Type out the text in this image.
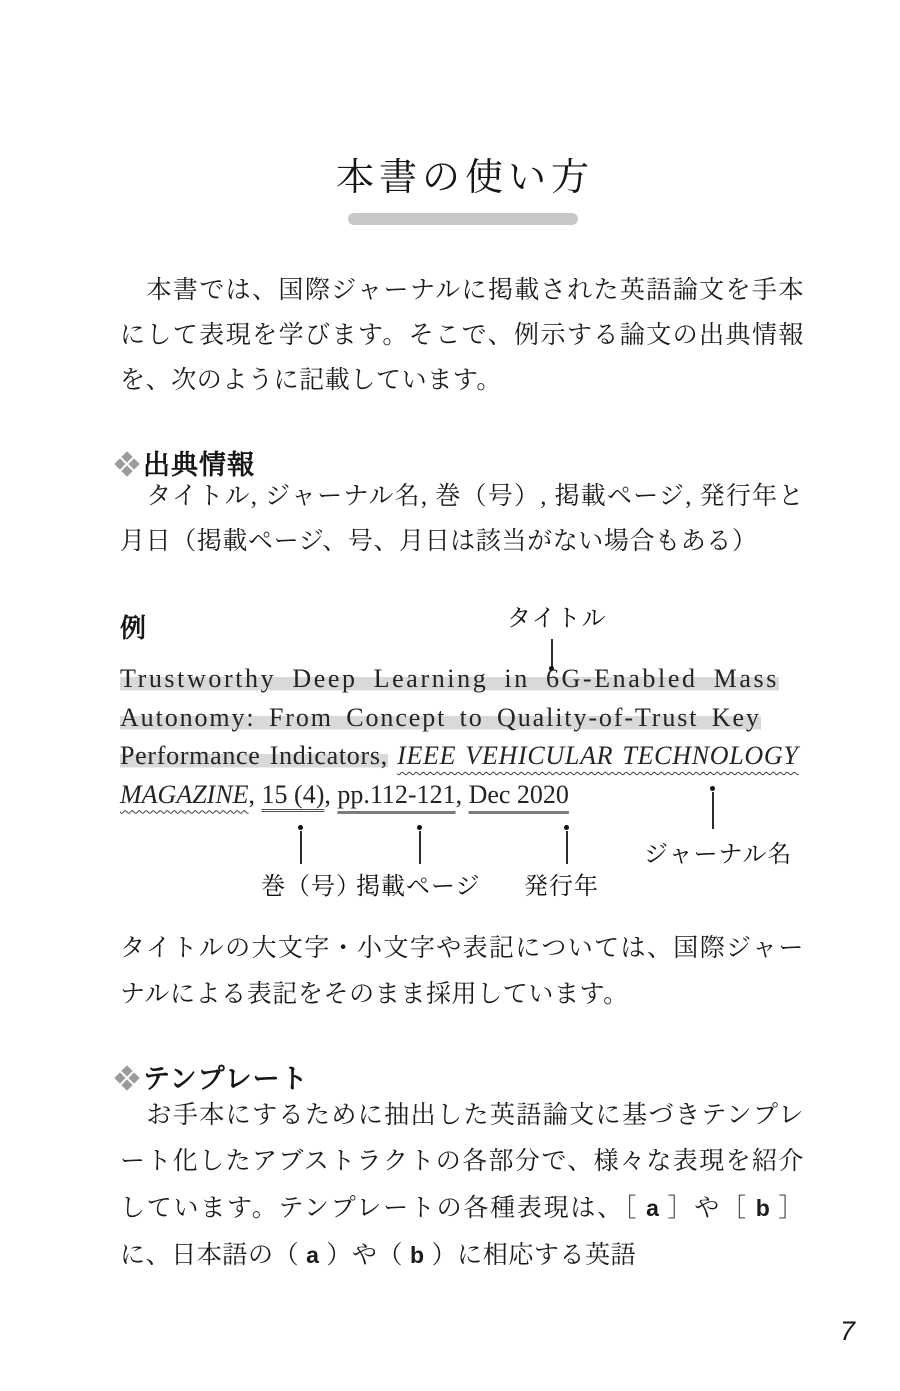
本書の使い方

　本書では、国際ジャーナルに掲載された英語論文を手本にして表現を学びます。そこで、例示する論文の出典情報を、次のように記載しています。

出典情報

　タイトル, ジャーナル名, 巻（号）, 掲載ページ, 発行年と月日（掲載ページ、号、月日は該当がない場合もある）

例	タイトル

Trustworthy Deep Learning in 6G-Enabled Mass
Autonomy: From Concept to Quality-of-Trust Key
Performance Indicators, IEEE VEHICULAR TECHNOLOGY
MAGAZINE, 15 (4), pp.112-121, Dec 2020

ジャーナル名

巻（号）

掲載ページ 発行年

タイトルの大文字・小文字や表記については、国際ジャーナルによる表記をそのまま採用しています。

テンプレート

　お手本にするために抽出した英語論文に基づきテンプレート化したアブストラクトの各部分で、様々な表現を紹介しています。テンプレートの各種表現は、［ a ］や［ b ］に、日本語の（ a ）や（ b ）に相応する英語

7
